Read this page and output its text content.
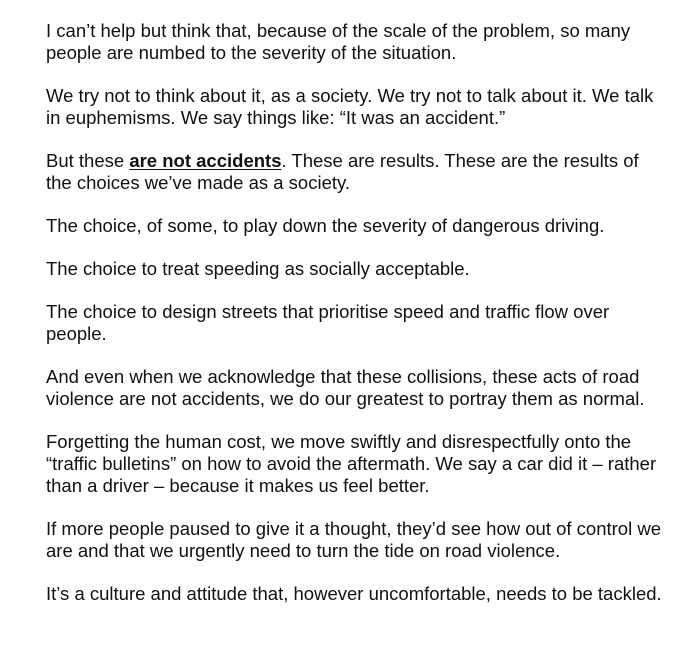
I can’t help but think that, because of the scale of the problem, so many people are numbed to the severity of the situation.

We try not to think about it, as a society. We try not to talk about it. We talk in euphemisms. We say things like: “It was an accident.”

But these are not accidents. These are results. These are the results of the choices we’ve made as a society.

The choice, of some, to play down the severity of dangerous driving.

The choice to treat speeding as socially acceptable.

The choice to design streets that prioritise speed and traffic flow over people.

And even when we acknowledge that these collisions, these acts of road violence are not accidents, we do our greatest to portray them as normal.

Forgetting the human cost, we move swiftly and disrespectfully onto the “traffic bulletins” on how to avoid the aftermath. We say a car did it – rather than a driver – because it makes us feel better.

If more people paused to give it a thought, they’d see how out of control we are and that we urgently need to turn the tide on road violence.

It’s a culture and attitude that, however uncomfortable, needs to be tackled.
